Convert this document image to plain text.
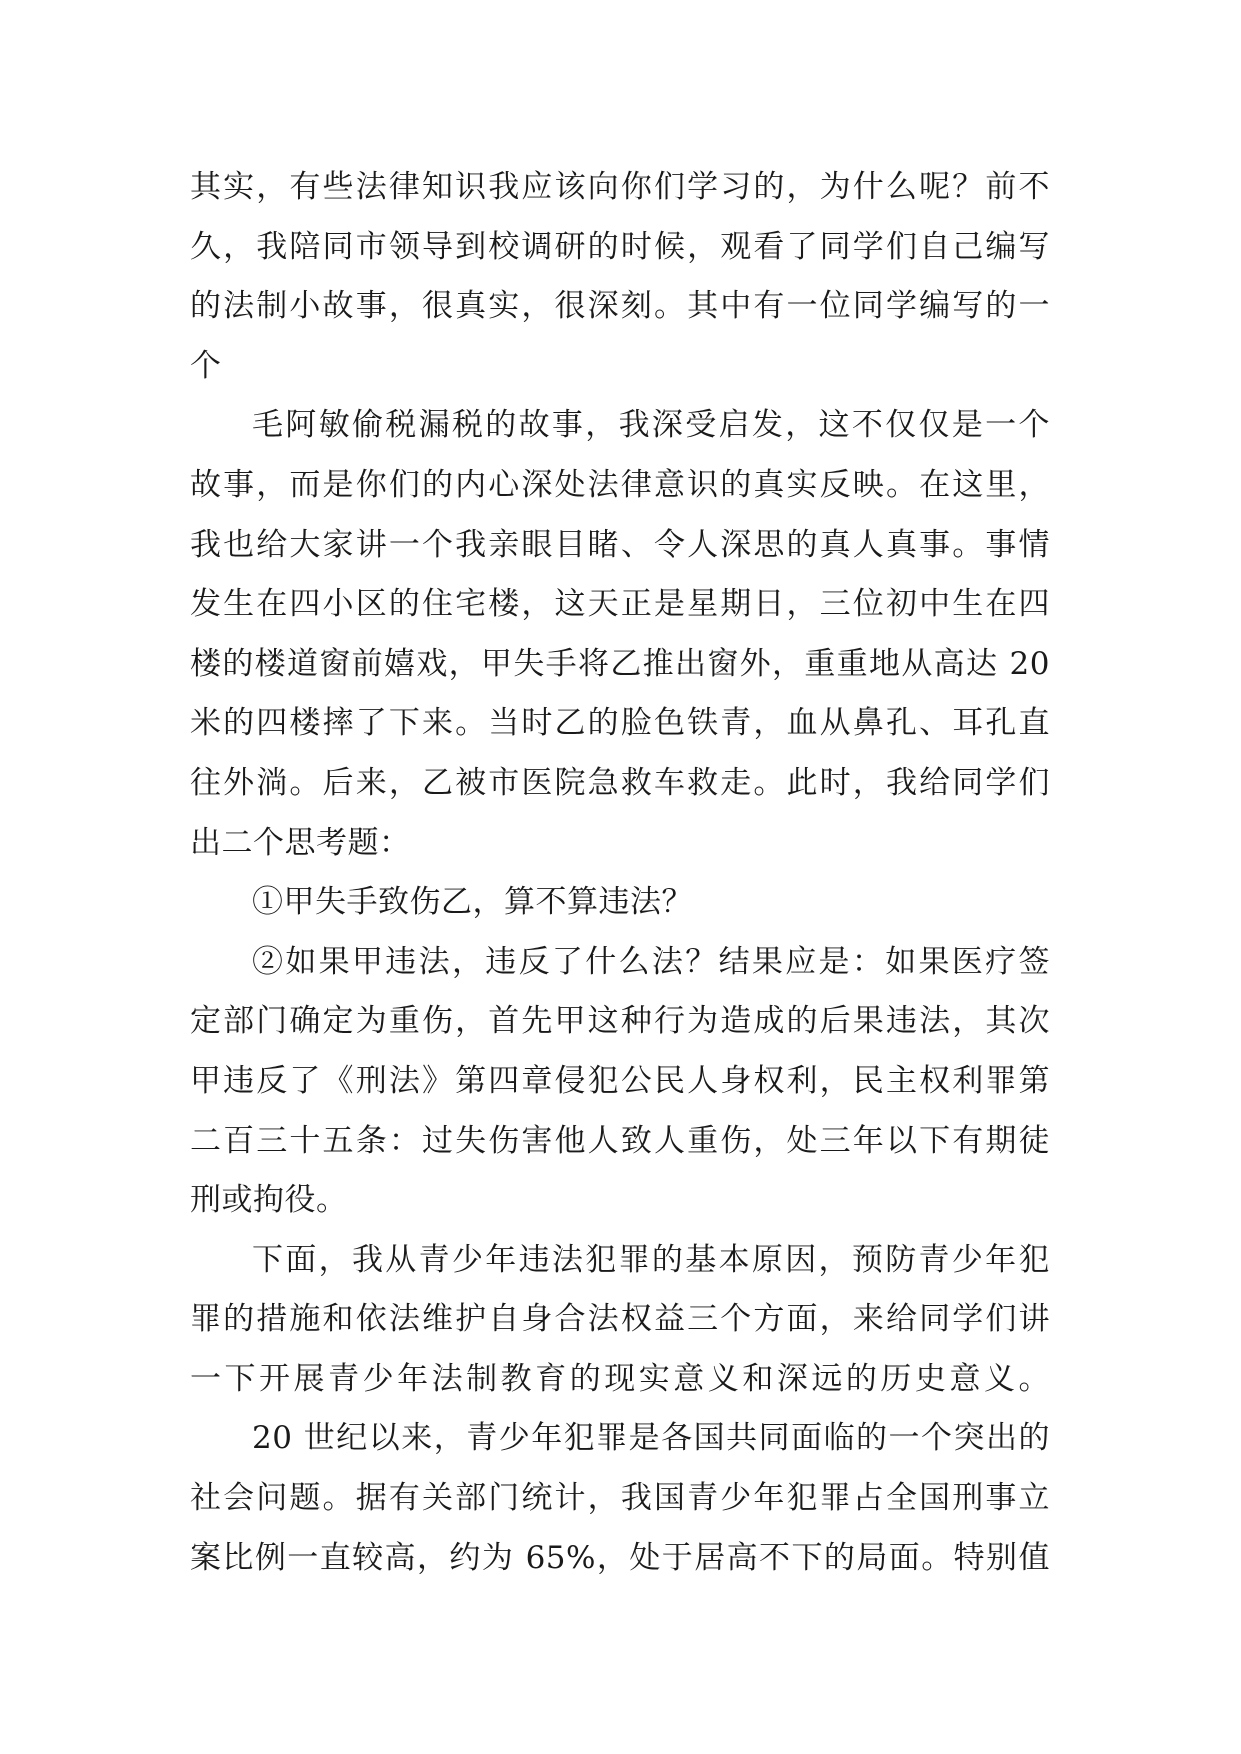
其实，有些法律知识我应该向你们学习的，为什么呢？前不
久，我陪同市领导到校调研的时候，观看了同学们自己编写
的法制小故事，很真实，很深刻。其中有一位同学编写的一
个
毛阿敏偷税漏税的故事，我深受启发，这不仅仅是一个
故事，而是你们的内心深处法律意识的真实反映。在这里，
我也给大家讲一个我亲眼目睹、令人深思的真人真事。事情
发生在四小区的住宅楼，这天正是星期日，三位初中生在四
楼的楼道窗前嬉戏，甲失手将乙推出窗外，重重地从高达 20
米的四楼摔了下来。当时乙的脸色铁青，血从鼻孔、耳孔直
往外淌。后来，乙被市医院急救车救走。此时，我给同学们
出二个思考题：
①甲失手致伤乙，算不算违法？
②如果甲违法，违反了什么法？结果应是：如果医疗签
定部门确定为重伤，首先甲这种行为造成的后果违法，其次
甲违反了《刑法》第四章侵犯公民人身权利，民主权利罪第
二百三十五条：过失伤害他人致人重伤，处三年以下有期徒
刑或拘役。
下面，我从青少年违法犯罪的基本原因，预防青少年犯
罪的措施和依法维护自身合法权益三个方面，来给同学们讲
一下开展青少年法制教育的现实意义和深远的历史意义。
20 世纪以来，青少年犯罪是各国共同面临的一个突出的
社会问题。据有关部门统计，我国青少年犯罪占全国刑事立
案比例一直较高，约为 65%，处于居高不下的局面。特别值
